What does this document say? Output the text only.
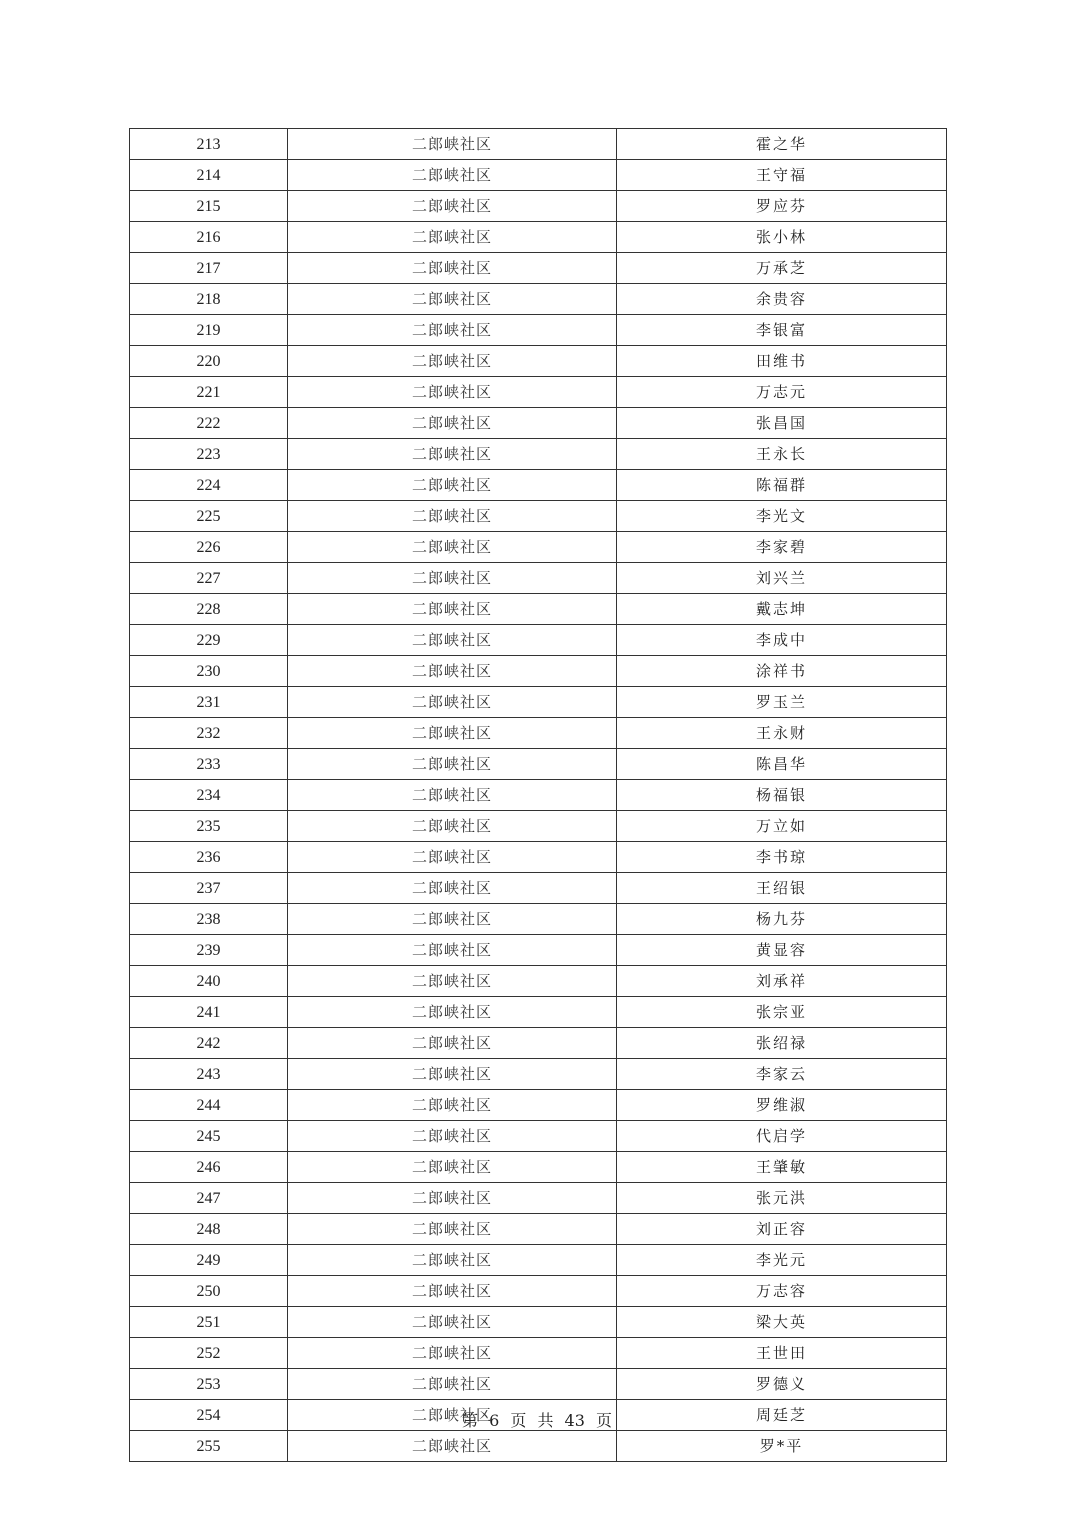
213	二郎峡社区	霍之华
214	二郎峡社区	王守福
215	二郎峡社区	罗应芬
216	二郎峡社区	张小林
217	二郎峡社区	万承芝
218	二郎峡社区	余贵容
219	二郎峡社区	李银富
220	二郎峡社区	田维书
221	二郎峡社区	万志元
222	二郎峡社区	张昌国
223	二郎峡社区	王永长
224	二郎峡社区	陈福群
225	二郎峡社区	李光文
226	二郎峡社区	李家碧
227	二郎峡社区	刘兴兰
228	二郎峡社区	戴志坤
229	二郎峡社区	李成中
230	二郎峡社区	涂祥书
231	二郎峡社区	罗玉兰
232	二郎峡社区	王永财
233	二郎峡社区	陈昌华
234	二郎峡社区	杨福银
235	二郎峡社区	万立如
236	二郎峡社区	李书琼
237	二郎峡社区	王绍银
238	二郎峡社区	杨九芬
239	二郎峡社区	黄显容
240	二郎峡社区	刘承祥
241	二郎峡社区	张宗亚
242	二郎峡社区	张绍禄
243	二郎峡社区	李家云
244	二郎峡社区	罗维淑
245	二郎峡社区	代启学
246	二郎峡社区	王肇敏
247	二郎峡社区	张元洪
248	二郎峡社区	刘正容
249	二郎峡社区	李光元
250	二郎峡社区	万志容
251	二郎峡社区	梁大英
252	二郎峡社区	王世田
253	二郎峡社区	罗德义
254	二郎峡社区	周廷芝
255	二郎峡社区	罗*平
第 6 页 共 43 页
